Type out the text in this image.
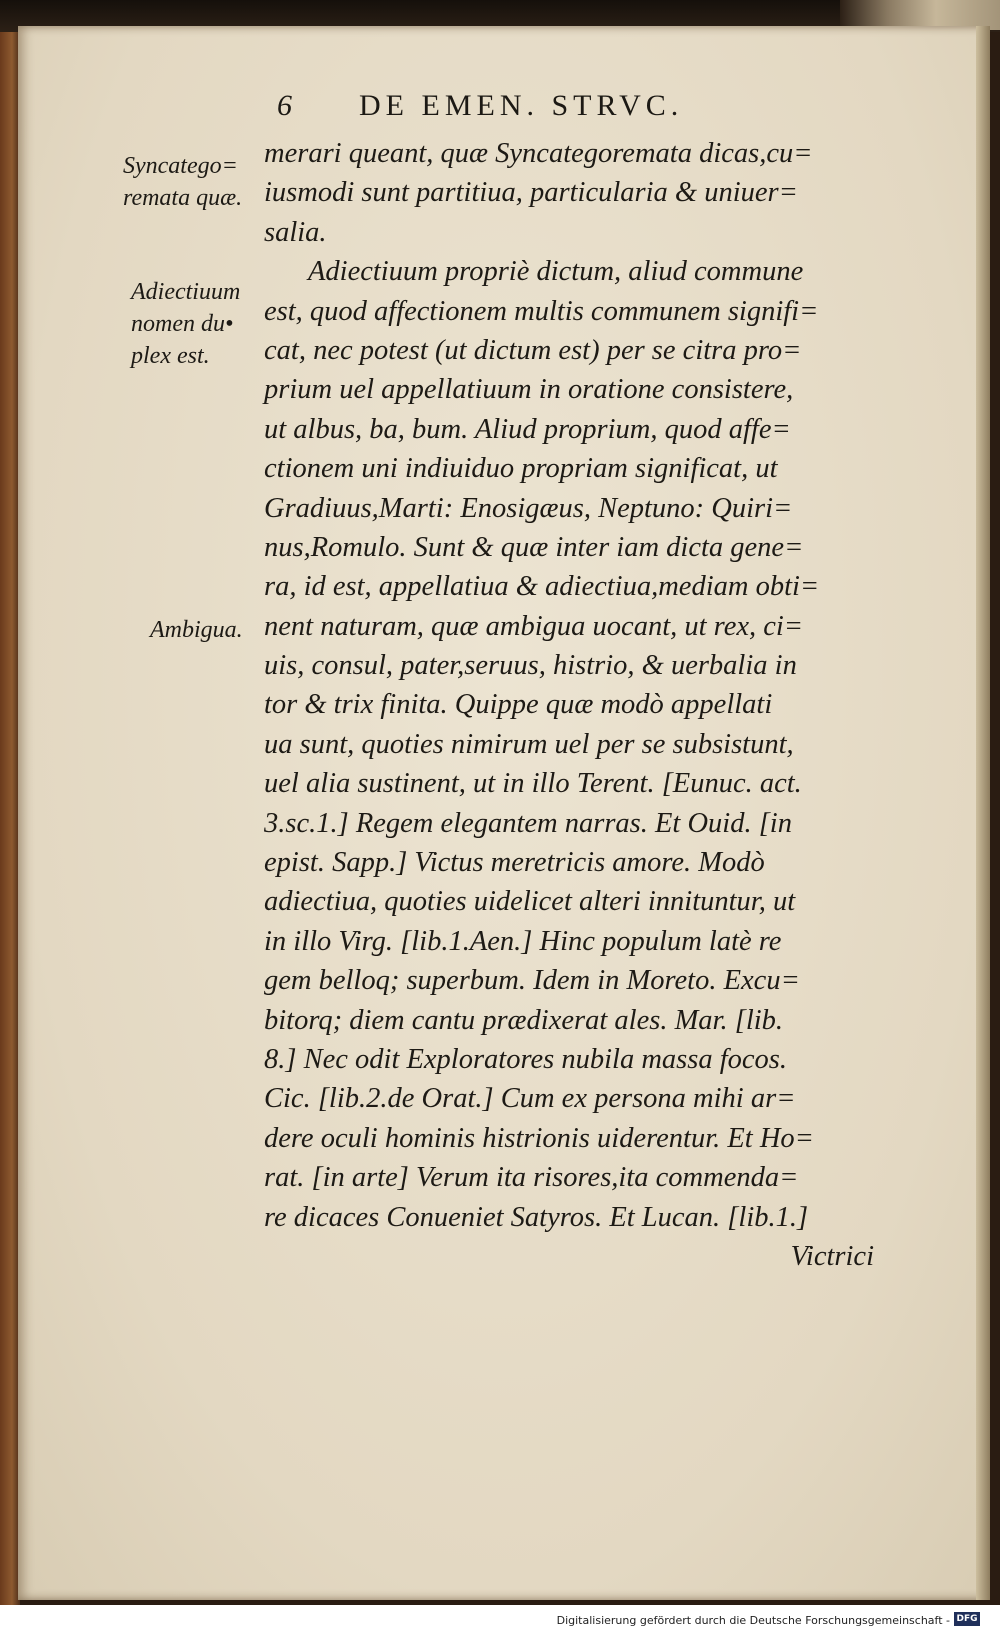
6 DE EMEN. STRVC.
Syncatego=
remata quæ.
Adiectiuum
nomen du•
plex est.
Ambigua.
merari queant, quæ Syncategoremata dicas,cu=
iusmodi sunt partitiua, particularia & uniuer=
salia.
Adiectiuum propriè dictum, aliud commune
est, quod affectionem multis communem signifi=
cat, nec potest (ut dictum est) per se citra pro=
prium uel appellatiuum in oratione consistere,
ut albus, ba, bum. Aliud proprium, quod affe=
ctionem uni indiuiduo propriam significat, ut
Gradiuus,Marti: Enosigæus, Neptuno: Quiri=
nus,Romulo. Sunt & quæ inter iam dicta gene=
ra, id est, appellatiua & adiectiua,mediam obti=
nent naturam, quæ ambigua uocant, ut rex, ci=
uis, consul, pater,seruus, histrio, & uerbalia in
tor & trix finita. Quippe quæ modò appellati
ua sunt, quoties nimirum uel per se subsistunt,
uel alia sustinent, ut in illo Terent. [Eunuc. act.
3.sc.1.] Regem elegantem narras. Et Ouid. [in
epist. Sapp.] Victus meretricis amore. Modò
adiectiua, quoties uidelicet alteri innituntur, ut
in illo Virg. [lib.1.Aen.] Hinc populum latè re
gem belloq; superbum. Idem in Moreto. Excu=
bitorq; diem cantu prædixerat ales. Mar. [lib.
8.] Nec odit Exploratores nubila massa focos.
Cic. [lib.2.de Orat.] Cum ex persona mihi ar=
dere oculi hominis histrionis uiderentur. Et Ho=
rat. [in arte] Verum ita risores,ita commenda=
re dicaces Conueniet Satyros. Et Lucan. [lib.1.]
Victrici
Digitalisierung gefördert durch die Deutsche Forschungsgemeinschaft - DFG
